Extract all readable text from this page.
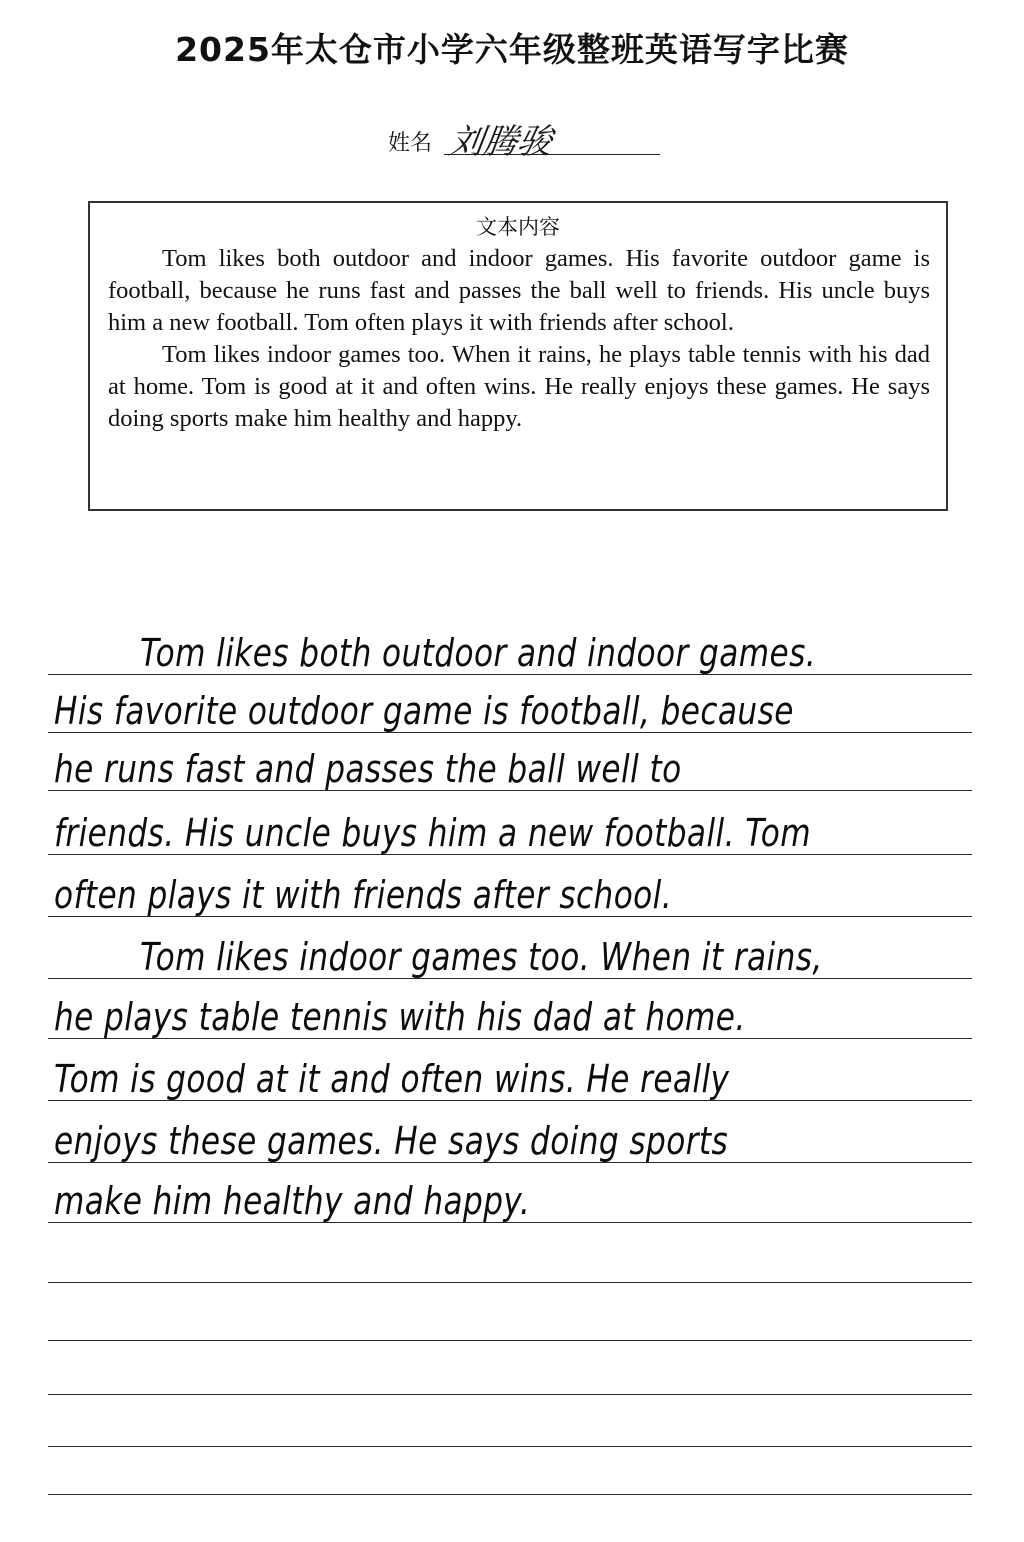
2025年太仓市小学六年级整班英语写字比赛
姓名 刘腾骏
文本内容

Tom likes both outdoor and indoor games. His favorite outdoor game is football, because he runs fast and passes the ball well to friends. His uncle buys him a new football. Tom often plays it with friends after school.

Tom likes indoor games too. When it rains, he plays table tennis with his dad at home. Tom is good at it and often wins. He really enjoys these games. He says doing sports make him healthy and happy.

Tom likes both outdoor and indoor games.
His favorite outdoor game is football, because
he runs fast and passes the ball well to
friends. His uncle buys him a new football. Tom
often plays it with friends after school.
Tom likes indoor games too. When it rains,
he plays table tennis with his dad at home.
Tom is good at it and often wins. He really
enjoys these games. He says doing sports
make him healthy and happy.
